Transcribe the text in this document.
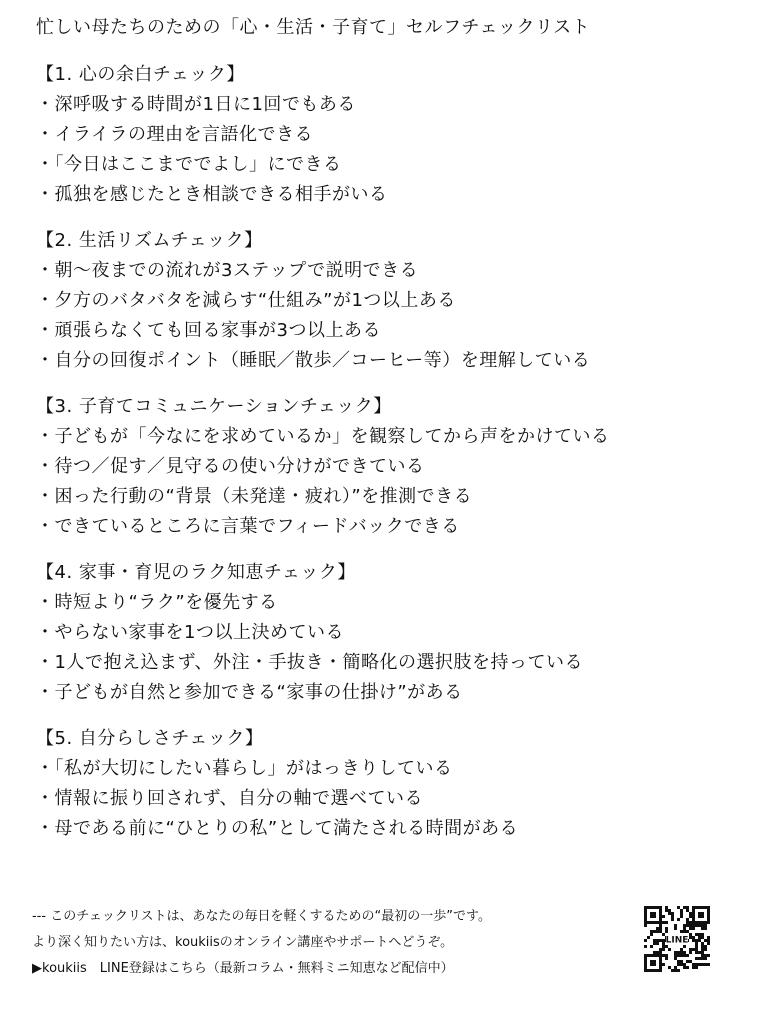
忙しい母たちのための「心・生活・子育て」セルフチェックリスト
【1. 心の余白チェック】
・深呼吸する時間が1日に1回でもある
・イライラの理由を言語化できる
・「今日はここまででよし」にできる
・孤独を感じたとき相談できる相手がいる
【2. 生活リズムチェック】
・朝〜夜までの流れが3ステップで説明できる
・夕方のバタバタを減らす“仕組み”が1つ以上ある
・頑張らなくても回る家事が3つ以上ある
・自分の回復ポイント（睡眠／散歩／コーヒー等）を理解している
【3. 子育てコミュニケーションチェック】
・子どもが「今なにを求めているか」を観察してから声をかけている
・待つ／促す／見守るの使い分けができている
・困った行動の“背景（未発達・疲れ）”を推測できる
・できているところに言葉でフィードバックできる
【4. 家事・育児のラク知恵チェック】
・時短より“ラク”を優先する
・やらない家事を1つ以上決めている
・1人で抱え込まず、外注・手抜き・簡略化の選択肢を持っている
・子どもが自然と参加できる“家事の仕掛け”がある
【5. 自分らしさチェック】
・「私が大切にしたい暮らし」がはっきりしている
・情報に振り回されず、自分の軸で選べている
・母である前に“ひとりの私”として満たされる時間がある
--- このチェックリストは、あなたの毎日を軽くするための“最初の一歩”です。
より深く知りたい方は、koukiisのオンライン講座やサポートへどうぞ。
▶koukiis　LINE登録はこちら（最新コラム・無料ミニ知恵など配信中）
LINE
